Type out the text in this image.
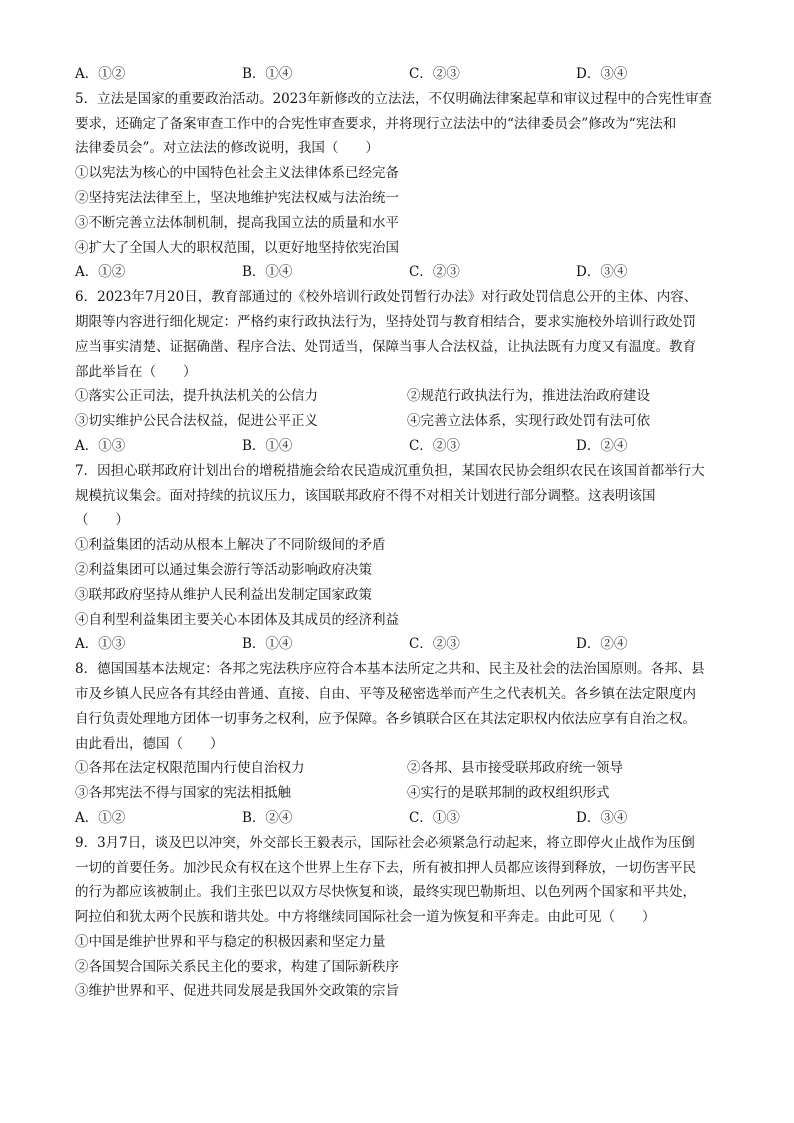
A．①②	B．①④	C．②③	D．③④
5．立法是国家的重要政治活动。2023年新修改的立法法，不仅明确法律案起草和审议过程中的合宪性审查
要求，还确定了备案审查工作中的合宪性审查要求，并将现行立法法中的“法律委员会”修改为“宪法和
法律委员会”。对立法法的修改说明，我国（　　）
①以宪法为核心的中国特色社会主义法律体系已经完备
②坚持宪法法律至上，坚决地维护宪法权威与法治统一
③不断完善立法体制机制，提高我国立法的质量和水平
④扩大了全国人大的职权范围，以更好地坚持依宪治国
A．①②	B．①④	C．②③	D．③④
6．2023年7月20日，教育部通过的《校外培训行政处罚暂行办法》对行政处罚信息公开的主体、内容、
期限等内容进行细化规定：严格约束行政执法行为，坚持处罚与教育相结合，要求实施校外培训行政处罚
应当事实清楚、证据确凿、程序合法、处罚适当，保障当事人合法权益，让执法既有力度又有温度。教育
部此举旨在（　　）
①落实公正司法，提升执法机关的公信力	②规范行政执法行为，推进法治政府建设
③切实维护公民合法权益，促进公平正义	④完善立法体系，实现行政处罚有法可依
A．①③	B．①④	C．②③	D．②④
7．因担心联邦政府计划出台的增税措施会给农民造成沉重负担，某国农民协会组织农民在该国首都举行大
规模抗议集会。面对持续的抗议压力，该国联邦政府不得不对相关计划进行部分调整。这表明该国
（　　）
①利益集团的活动从根本上解决了不同阶级间的矛盾
②利益集团可以通过集会游行等活动影响政府决策
③联邦政府坚持从维护人民利益出发制定国家政策
④自利型利益集团主要关心本团体及其成员的经济利益
A．①③	B．①④	C．②③	D．②④
8．德国国基本法规定：各邦之宪法秩序应符合本基本法所定之共和、民主及社会的法治国原则。各邦、县
市及乡镇人民应各有其经由普通、直接、自由、平等及秘密选举而产生之代表机关。各乡镇在法定限度内
自行负责处理地方团体一切事务之权利，应予保障。各乡镇联合区在其法定职权内依法应享有自治之权。
由此看出，德国（　　）
①各邦在法定权限范围内行使自治权力	②各邦、县市接受联邦政府统一领导
③各邦宪法不得与国家的宪法相抵触	④实行的是联邦制的政权组织形式
A．①②	B．②④	C．①③	D．③④
9．3月7日，谈及巴以冲突，外交部长王毅表示，国际社会必须紧急行动起来，将立即停火止战作为压倒
一切的首要任务。加沙民众有权在这个世界上生存下去，所有被扣押人员都应该得到释放，一切伤害平民
的行为都应该被制止。我们主张巴以双方尽快恢复和谈，最终实现巴勒斯坦、以色列两个国家和平共处，
阿拉伯和犹太两个民族和谐共处。中方将继续同国际社会一道为恢复和平奔走。由此可见（　　）
①中国是维护世界和平与稳定的积极因素和坚定力量
②各国契合国际关系民主化的要求，构建了国际新秩序
③维护世界和平、促进共同发展是我国外交政策的宗旨
